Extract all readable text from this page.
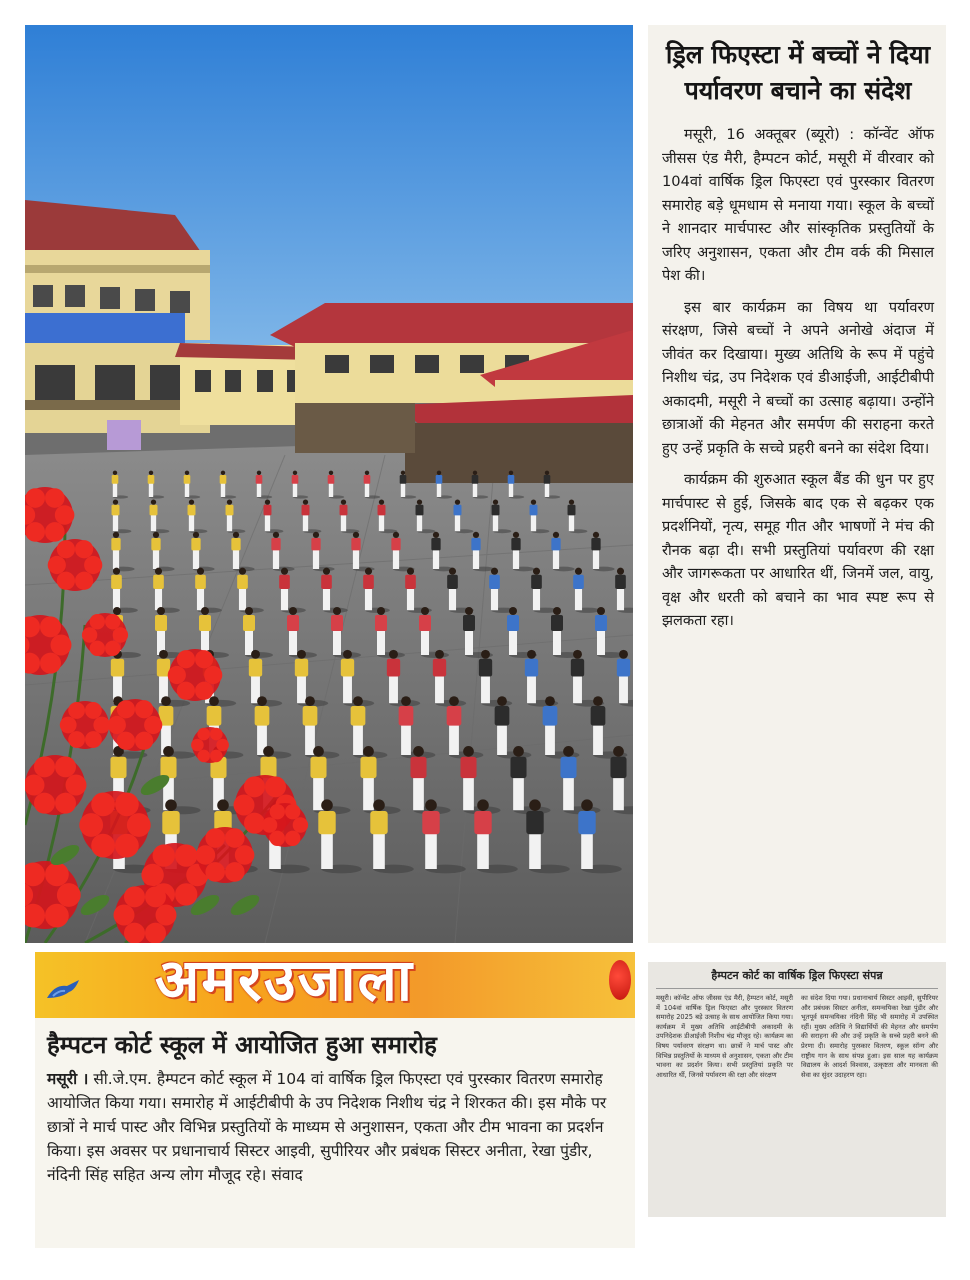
ड्रिल फिएस्टा में बच्चों ने दिया पर्यावरण बचाने का संदेश

मसूरी, 16 अक्तूबर (ब्यूरो) : कॉन्वेंट ऑफ जीसस एंड मैरी, हैम्पटन कोर्ट, मसूरी में वीरवार को 104वां वार्षिक ड्रिल फिएस्टा एवं पुरस्कार वितरण समारोह बड़े धूमधाम से मनाया गया। स्कूल के बच्चों ने शानदार मार्चपास्ट और सांस्कृतिक प्रस्तुतियों के जरिए अनुशासन, एकता और टीम वर्क की मिसाल पेश की।

इस बार कार्यक्रम का विषय था पर्यावरण संरक्षण, जिसे बच्चों ने अपने अनोखे अंदाज में जीवंत कर दिखाया। मुख्य अतिथि के रूप में पहुंचे निशीथ चंद्र, उप निदेशक एवं डीआईजी, आईटीबीपी अकादमी, मसूरी ने बच्चों का उत्साह बढ़ाया। उन्होंने छात्राओं की मेहनत और समर्पण की सराहना करते हुए उन्हें प्रकृति के सच्चे प्रहरी बनने का संदेश दिया।

कार्यक्रम की शुरुआत स्कूल बैंड की धुन पर हुए मार्चपास्ट से हुई, जिसके बाद एक से बढ़कर एक प्रदर्शनियों, नृत्य, समूह गीत और भाषणों ने मंच की रौनक बढ़ा दी। सभी प्रस्तुतियां पर्यावरण की रक्षा और जागरूकता पर आधारित थीं, जिनमें जल, वायु, वृक्ष और धरती को बचाने का भाव स्पष्ट रूप से झलकता रहा।

अमरउजाला
हैम्पटन कोर्ट स्कूल में आयोजित हुआ समारोह

मसूरी । सी.जे.एम. हैम्पटन कोर्ट स्कूल में 104 वां वार्षिक ड्रिल फिएस्टा एवं पुरस्कार वितरण समारोह आयोजित किया गया। समारोह में आईटीबीपी के उप निदेशक निशीथ चंद्र ने शिरकत की। इस मौके पर छात्रों ने मार्च पास्ट और विभिन्न प्रस्तुतियों के माध्यम से अनुशासन, एकता और टीम भावना का प्रदर्शन किया। इस अवसर पर प्रधानाचार्य सिस्टर आइवी, सुपीरियर और प्रबंधक सिस्टर अनीता, रेखा पुंडीर, नंदिनी सिंह सहित अन्य लोग मौजूद रहे। संवाद

हैम्पटन कोर्ट का वार्षिक ड्रिल फिएस्टा संपन्न
मसूरी। कॉन्वेंट ऑफ जीसस एंड मैरी, हैम्पटन कोर्ट, मसूरी में 104वां वार्षिक ड्रिल फिएस्टा और पुरस्कार वितरण समारोह 2025 बड़े उत्साह के साथ आयोजित किया गया। कार्यक्रम में मुख्य अतिथि आईटीबीपी अकादमी के उपनिदेशक डीआईजी निशीथ चंद्र मौजूद रहे। कार्यक्रम का विषय पर्यावरण संरक्षण था। छात्रों ने मार्च पास्ट और विभिन्न प्रस्तुतियों के माध्यम से अनुशासन, एकता और टीम भावना का प्रदर्शन किया। सभी प्रस्तुतियां प्रकृति पर आधारित थीं, जिनसे पर्यावरण की रक्षा और संरक्षण
का संदेश दिया गया। प्रधानाचार्य सिस्टर आइवी, सुपीरियर और प्रबंधक सिस्टर अनीता, समन्वयिका रेखा पुंडीर और भूतपूर्व समन्वयिका नंदिनी सिंह भी समारोह में उपस्थित रहीं। मुख्य अतिथि ने विद्यार्थियों की मेहनत और समर्पण की सराहना की और उन्हें प्रकृति के सच्चे प्रहरी बनने की प्रेरणा दी। समारोह पुरस्कार वितरण, स्कूल सॉन्ग और राष्ट्रीय गान के साथ संपन्न हुआ। इस साल यह कार्यक्रम विद्यालय के आदर्श विश्वास, उत्कृष्टता और मानवता की सेवा का सुंदर उदाहरण रहा।
